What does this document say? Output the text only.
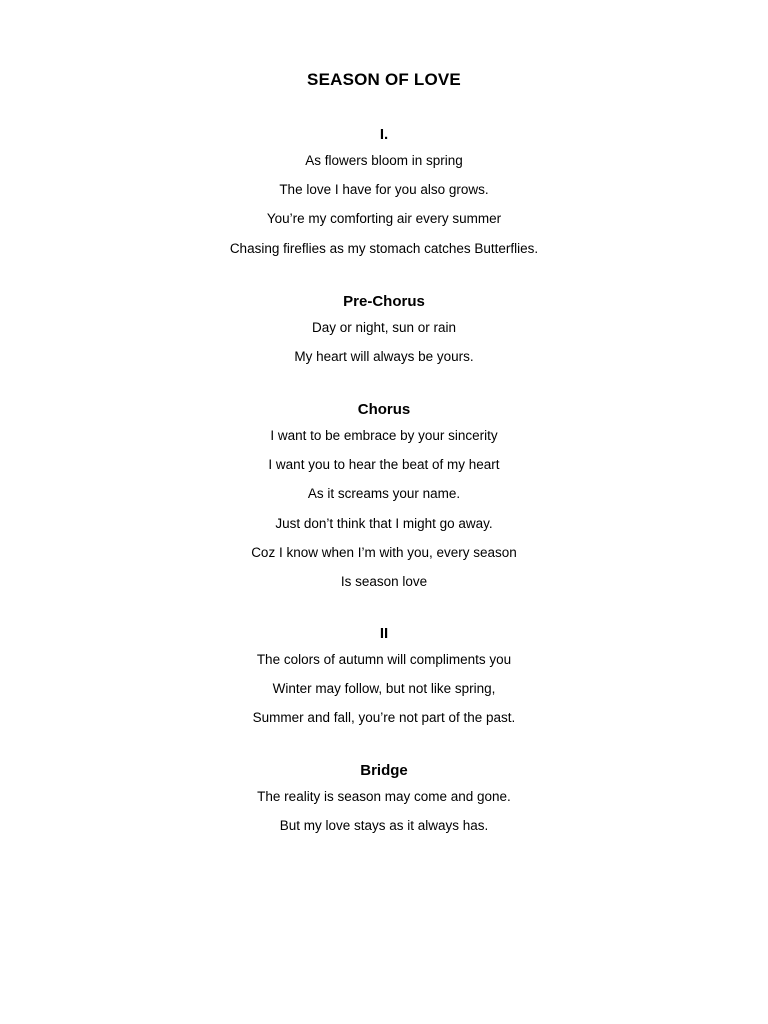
SEASON OF LOVE
I.
As flowers bloom in spring
The love I have for you also grows.
You’re my comforting air every summer
Chasing fireflies as my stomach catches Butterflies.
Pre-Chorus
Day or night, sun or rain
My heart will always be yours.
Chorus
I want to be embrace by your sincerity
I want you to hear the beat of my heart
As it screams your name.
Just don’t think that I might go away.
Coz I know when I’m with you, every season
Is season love
II
The colors of autumn will compliments you
Winter may follow, but not like spring,
Summer and fall, you’re not part of the past.
Bridge
The reality is season may come and gone.
But my love stays as it always has.
